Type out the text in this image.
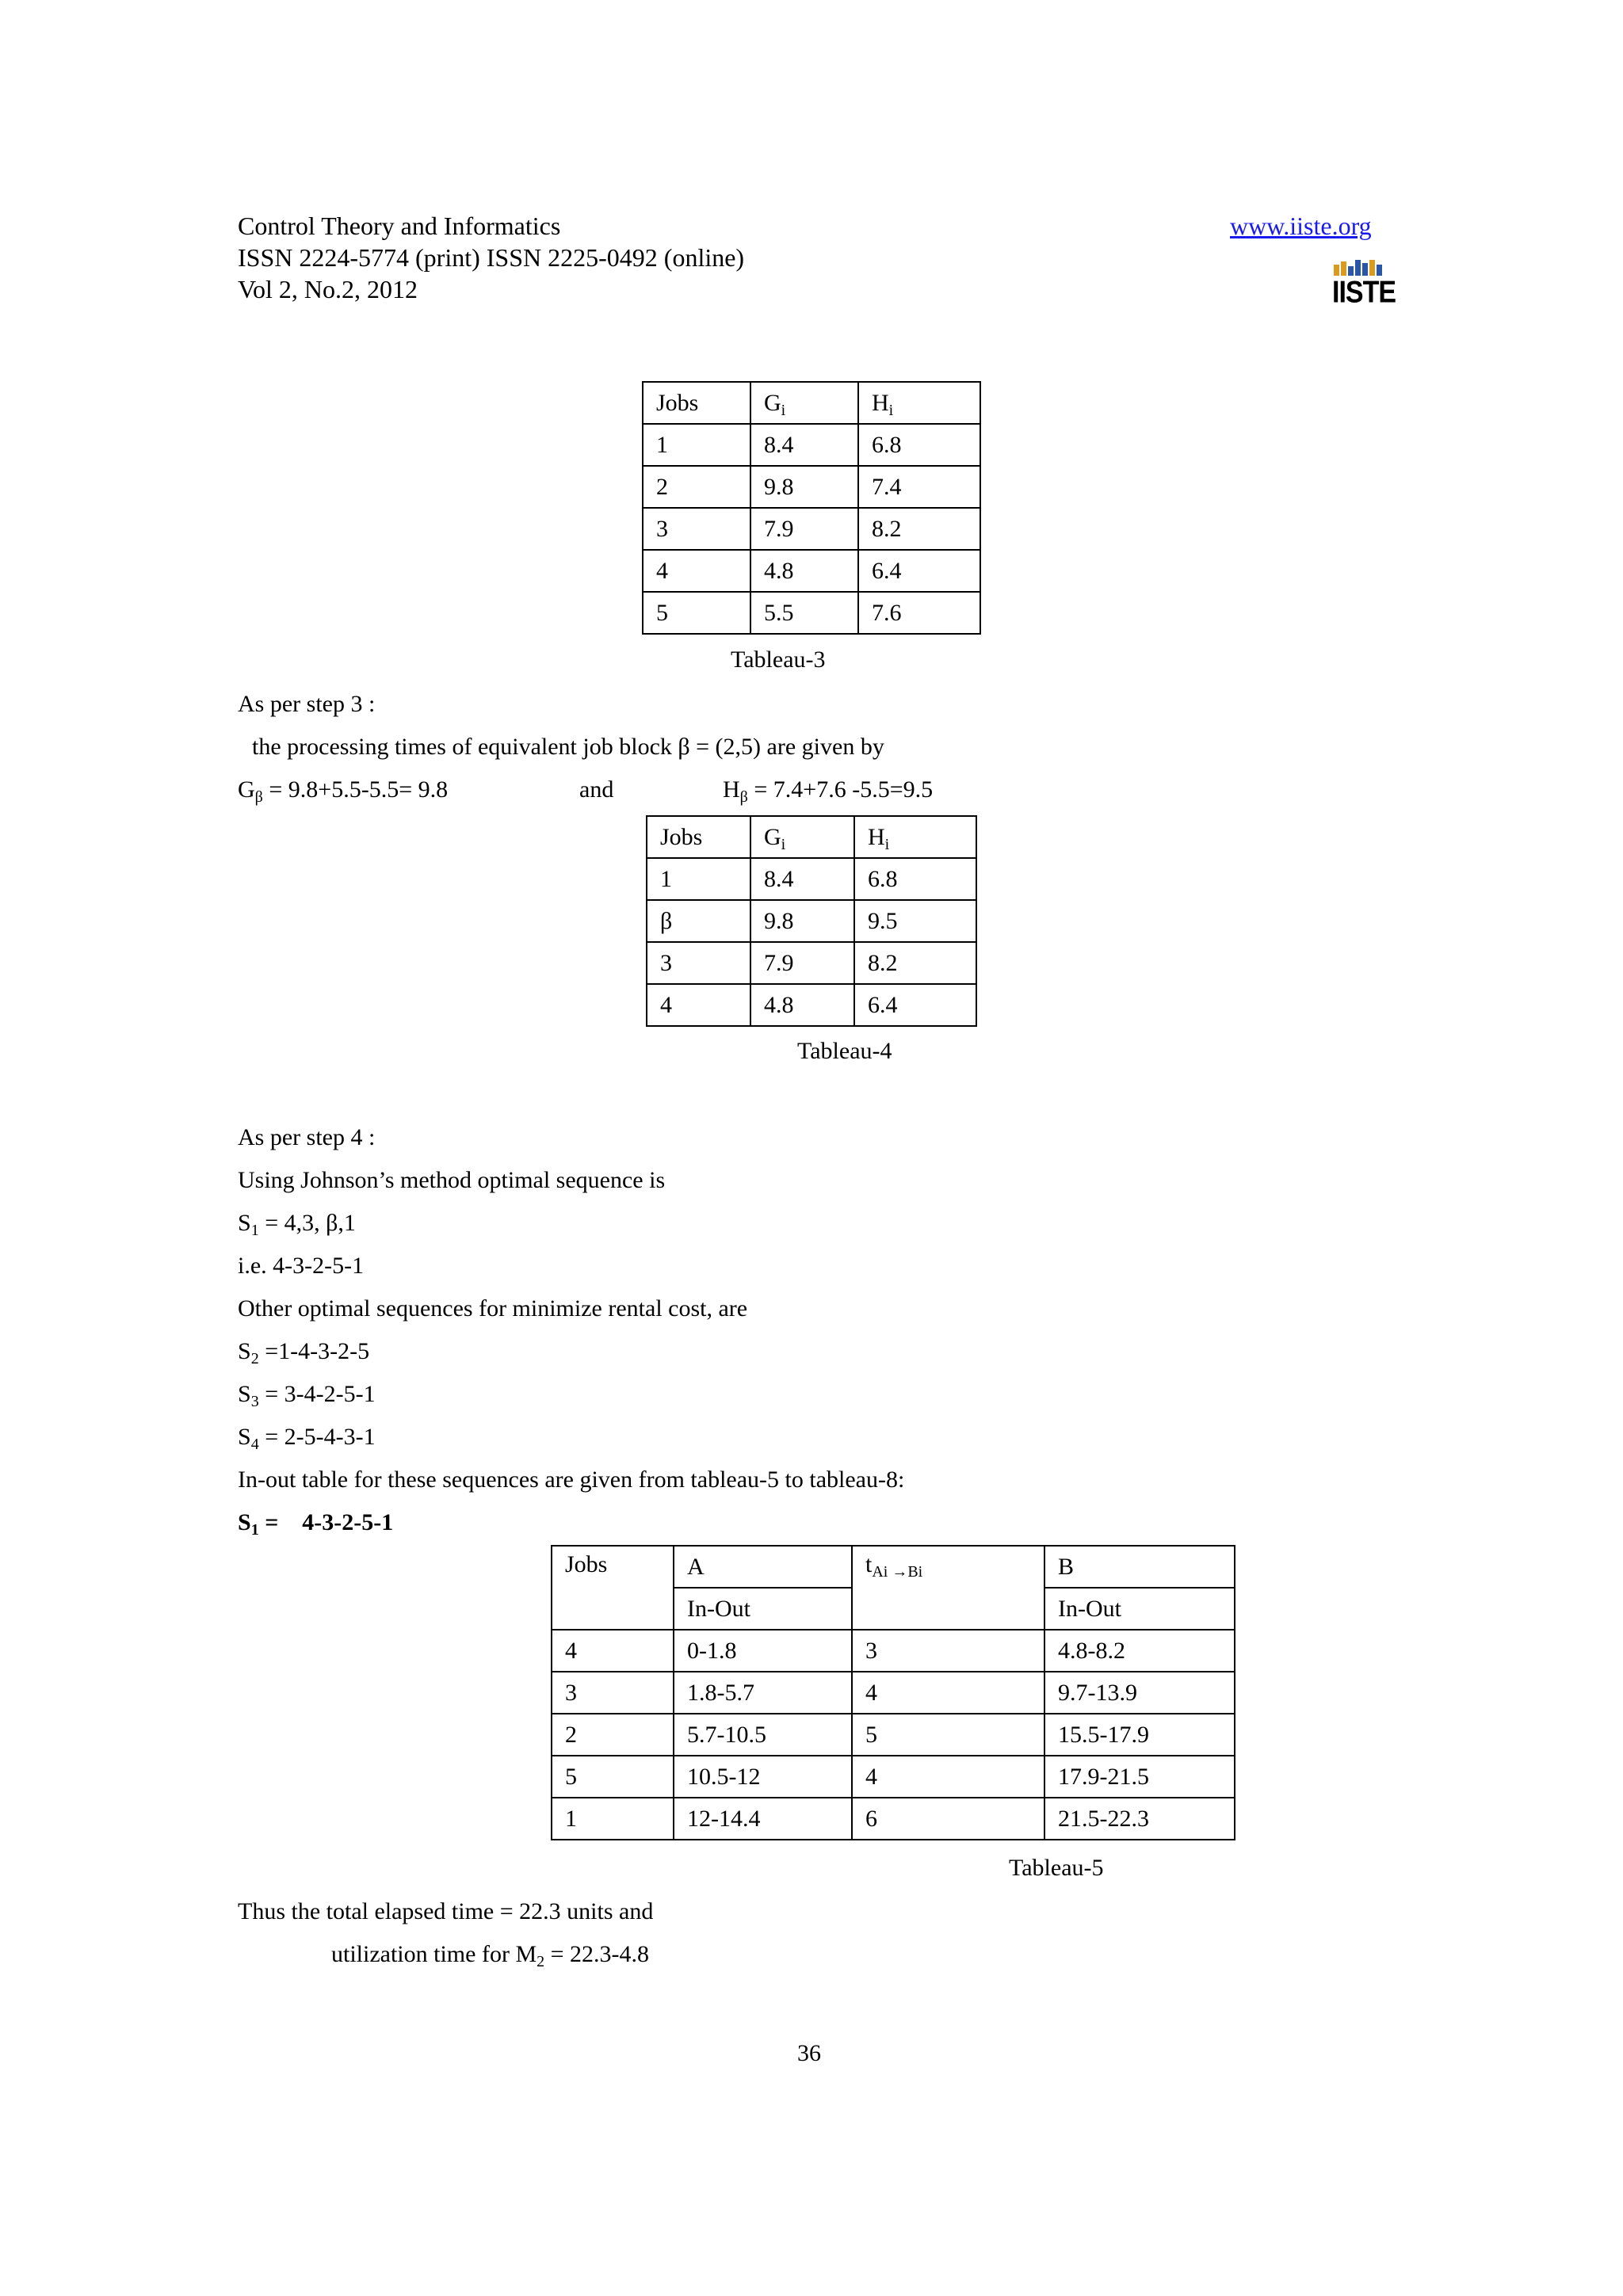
Control Theory and Informatics
ISSN 2224-5774 (print) ISSN 2225-0492 (online)
Vol 2, No.2, 2012
www.iiste.org
IISTE
Jobs	$G_i$	$H_i$
1	8.4	6.8
2	9.8	7.4
3	7.9	8.2
4	4.8	6.4
5	5.5	7.6
Tableau-3
As per step 3 :
the processing times of equivalent job block β = (2,5) are given by
$G_\beta = 9.8+5.5-5.5= 9.8$	and	$H_\beta = 7.4+7.6$ -5.5=9.5
Jobs	$G_i$	$H_i$
1	8.4	6.8
β	9.8	9.5
3	7.9	8.2
4	4.8	6.4
Tableau-4
As per step 4 :
Using Johnson’s method optimal sequence is
$S_1 = 4,3$, β,1
i.e. 4-3-2-5-1
Other optimal sequences for minimize rental cost, are
$S_2 =1-4-3-2-5$
$S_3 = 3-4-2-5-1$
$S_4 = 2-5-4-3-1$
In-out table for these sequences are given from tableau-5 to tableau-8:
$S_1 = 4-3-2-5-1$
Jobs	A	$t_{Ai \to Bi}$	B
	In-Out		In-Out
4	0-1.8	3	4.8-8.2
3	1.8-5.7	4	9.7-13.9
2	5.7-10.5	5	15.5-17.9
5	10.5-12	4	17.9-21.5
1	12-14.4	6	21.5-22.3
Tableau-5
Thus the total elapsed time = 22.3 units and
utilization time for $M_2 = 22.3-4.8$
36
